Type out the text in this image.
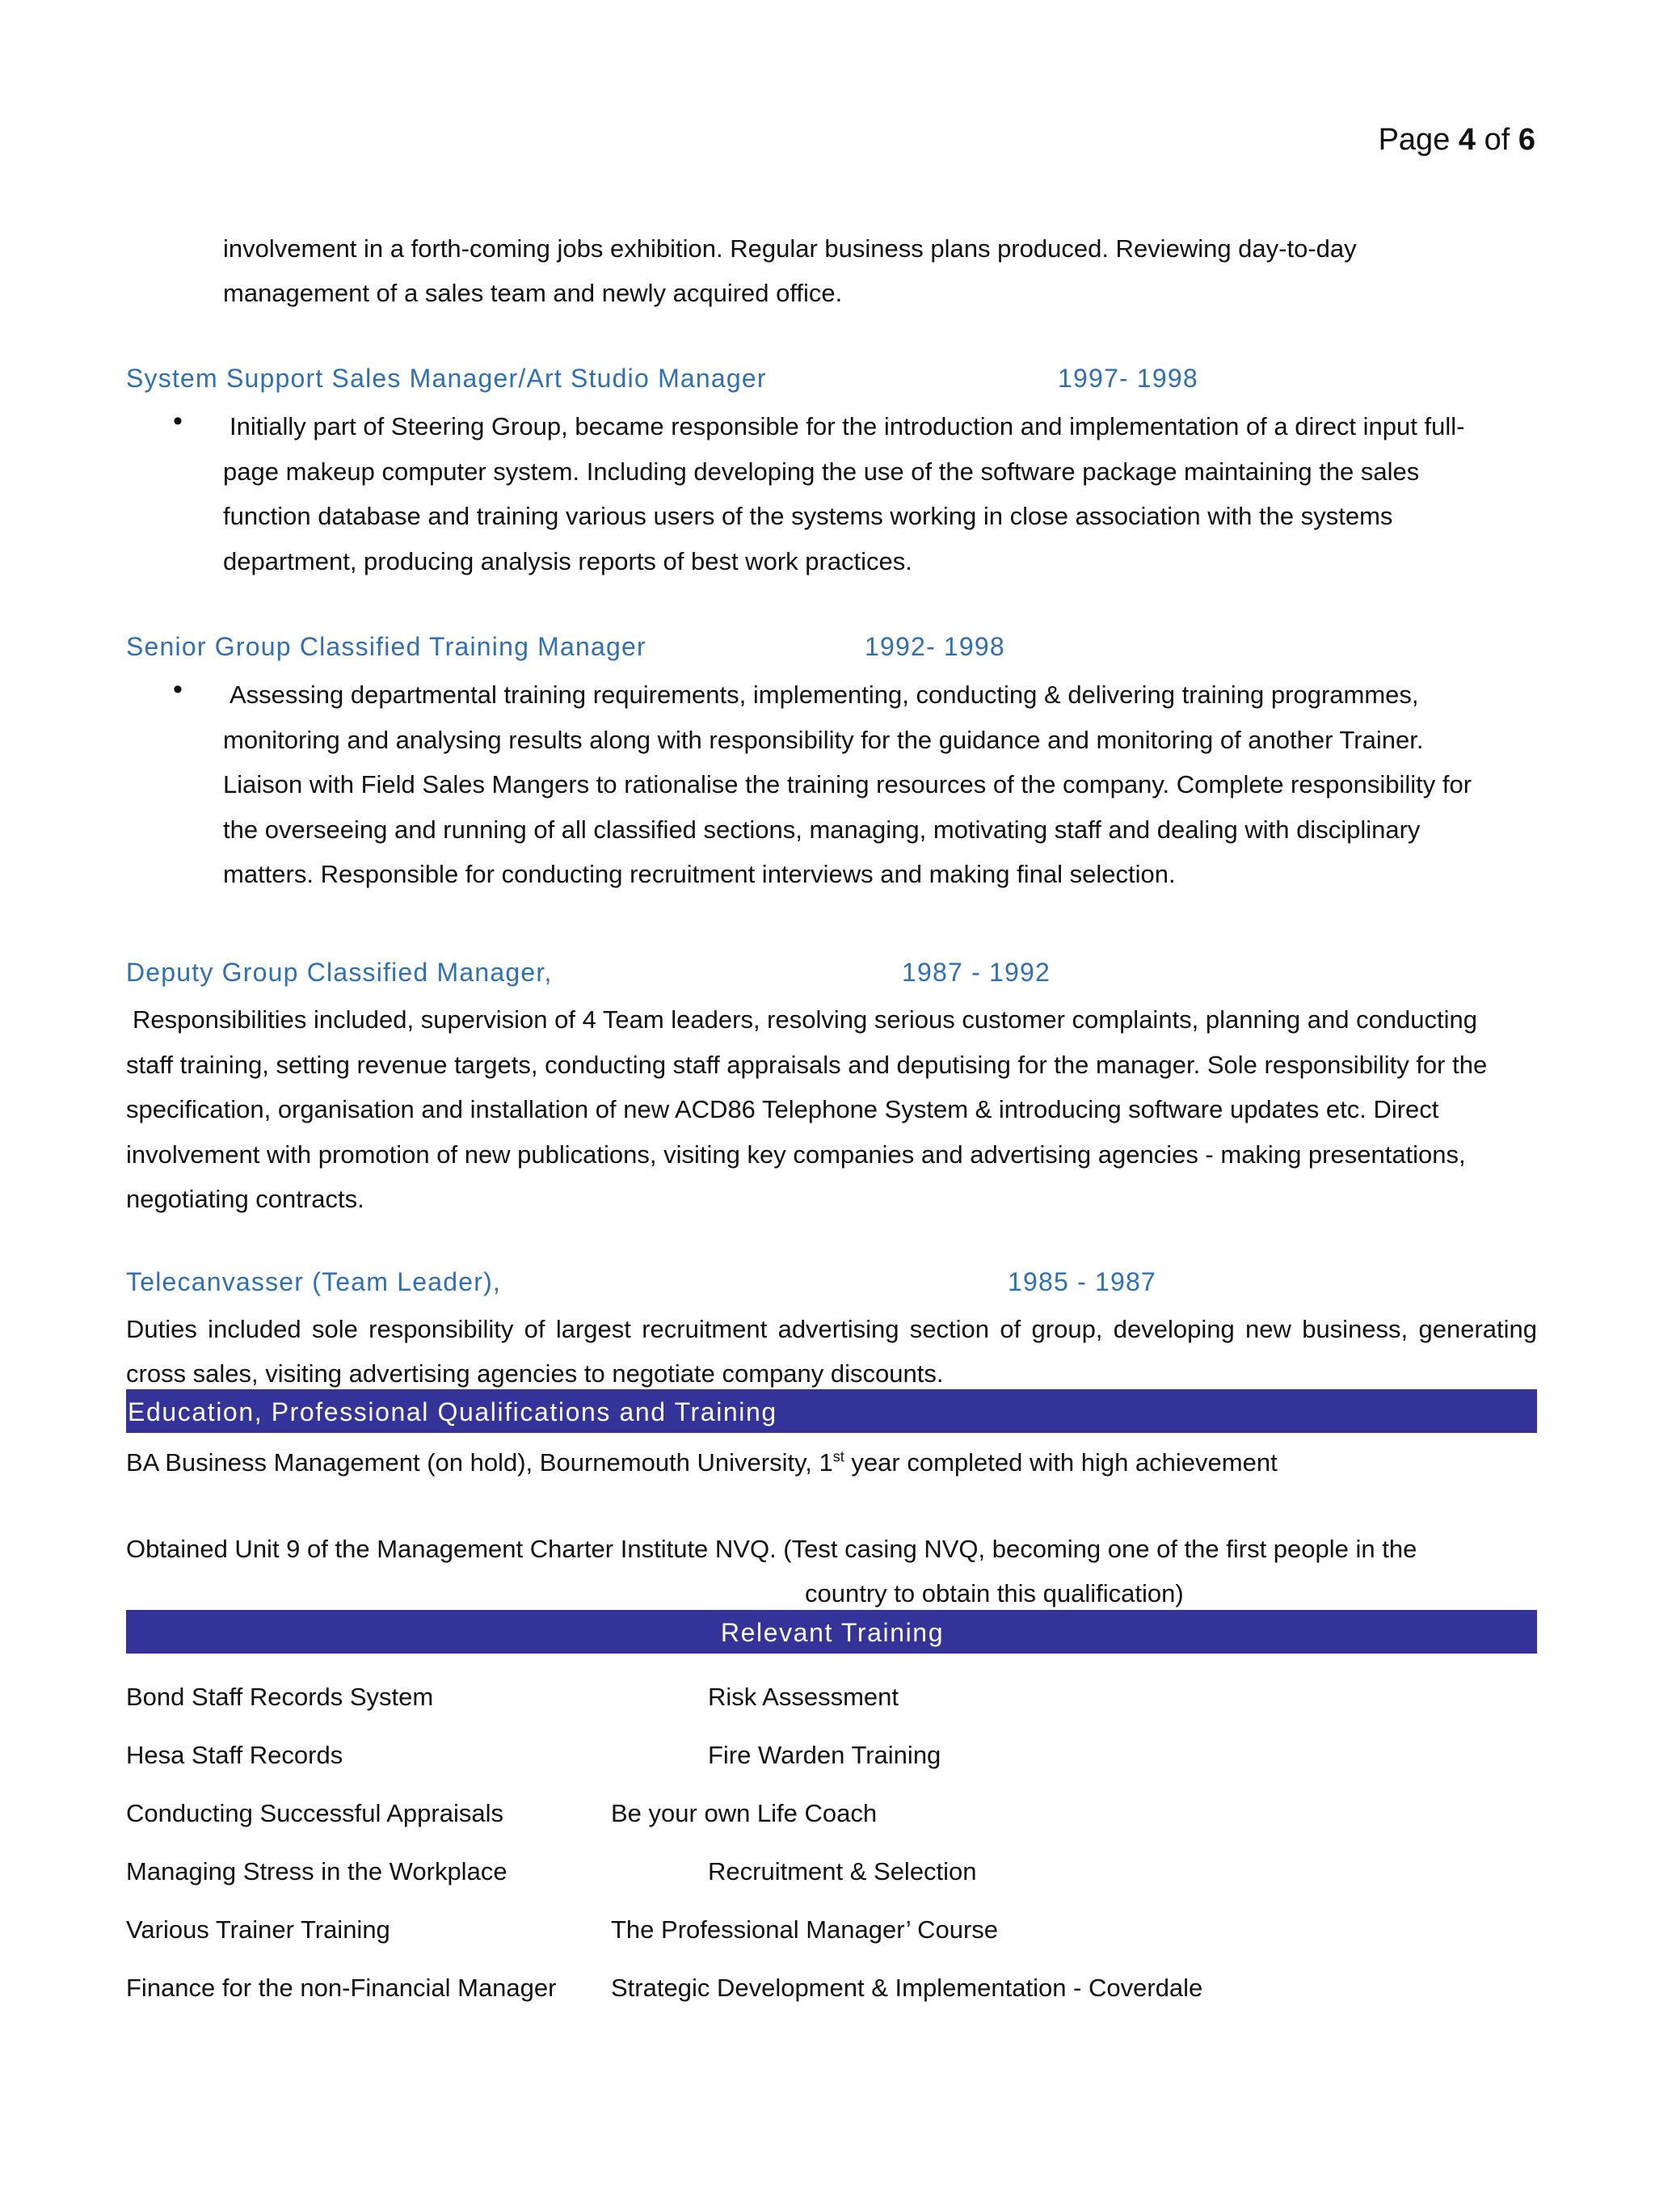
Page 4 of 6
involvement in a forth-coming jobs exhibition. Regular business plans produced. Reviewing day-to-day
management of a sales team and newly acquired office.
System Support Sales Manager/Art Studio Manager	1997- 1998
• Initially part of Steering Group, became responsible for the introduction and implementation of a direct input full-
page makeup computer system. Including developing the use of the software package maintaining the sales
function database and training various users of the systems working in close association with the systems
department, producing analysis reports of best work practices.
Senior Group Classified Training Manager	1992- 1998
• Assessing departmental training requirements, implementing, conducting & delivering training programmes,
monitoring and analysing results along with responsibility for the guidance and monitoring of another Trainer.
Liaison with Field Sales Mangers to rationalise the training resources of the company. Complete responsibility for
the overseeing and running of all classified sections, managing, motivating staff and dealing with disciplinary
matters. Responsible for conducting recruitment interviews and making final selection.
Deputy Group Classified Manager,	1987 - 1992
Responsibilities included, supervision of 4 Team leaders, resolving serious customer complaints, planning and conducting
staff training, setting revenue targets, conducting staff appraisals and deputising for the manager. Sole responsibility for the
specification, organisation and installation of new ACD86 Telephone System & introducing software updates etc. Direct
involvement with promotion of new publications, visiting key companies and advertising agencies - making presentations,
negotiating contracts.
Telecanvasser (Team Leader),	1985 - 1987
Duties included sole responsibility of largest recruitment advertising section of group, developing new business, generating
cross sales, visiting advertising agencies to negotiate company discounts.
Education, Professional Qualifications and Training
BA Business Management (on hold), Bournemouth University, 1st year completed with high achievement
Obtained Unit 9 of the Management Charter Institute NVQ. (Test casing NVQ, becoming one of the first people in the
country to obtain this qualification)
Relevant Training
Bond Staff Records System	Risk Assessment
Hesa Staff Records	Fire Warden Training
Conducting Successful Appraisals	Be your own Life Coach
Managing Stress in the Workplace	Recruitment & Selection
Various Trainer Training	The Professional Manager’ Course
Finance for the non-Financial Manager Strategic Development & Implementation - Coverdale
